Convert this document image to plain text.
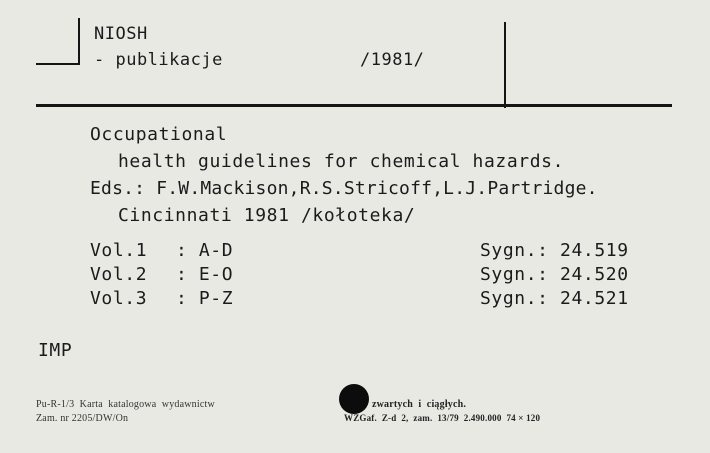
NIOSH
- publikacje	/1981/
Occupational
health guidelines for chemical hazards.
Eds.: F.W.Mackison,R.S.Stricoff,L.J.Partridge.
Cincinnati 1981 /kołoteka/
Vol.1 : A-D	Sygn.: 24.519
Vol.2 : E-O	Sygn.: 24.520
Vol.3 : P-Z	Sygn.: 24.521
IMP
Pu-R-1/3  Karta  katalogowa  wydawnictw	zwartych  i  ciągłych.
Zam. nr 2205/DW/On	WZGaf.  Z-d  2,  zam.  13/79  2.490.000  74 × 120
